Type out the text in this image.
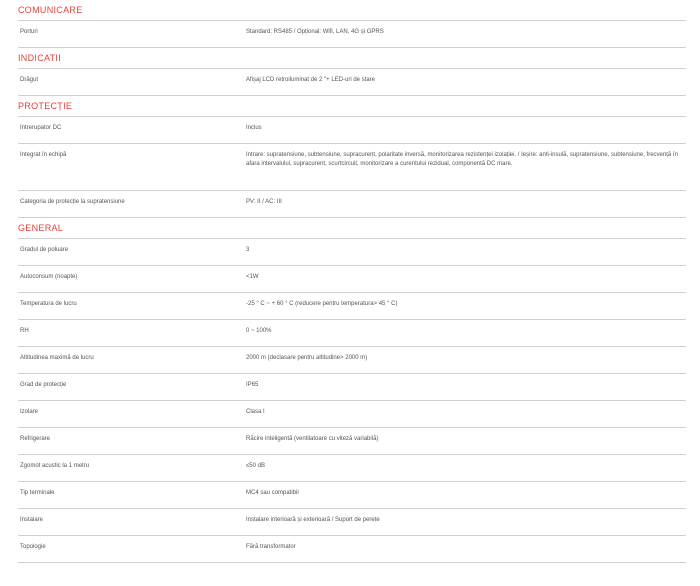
COMUNICARE
Porturi	Standard: RS485 / Opțional: Wifi, LAN, 4G și GPRS
INDICATII
Drăgut	Afișaj LCD retroiluminat de 2 "+ LED-uri de stare
PROTECȚIE
Intrerupator DC	Inclus
Integrat în echipă	Intrare: supratensiune, subtensiune, supracurent, polaritate inversă, monitorizarea rezistenței izolației. / Ieșire: anti-insulă, supratensiune, subtensiune, frecvență în afara intervalului, supracurent, scurtcircuit, monitorizare a curentului rezidual, componentă DC mare.
Categoria de protecție la supratensiune	PV: II / AC: III
GENERAL
Gradul de poluare	3
Autoconsum (noapte)	<1W
Temperatura de lucru	-25 ° C ~ + 60 ° C (reducere pentru temperatura> 45 ° C)
RH	0 ~ 100%
Altitudinea maximă de lucru	2000 m (declasare pentru altitudine> 2000 m)
Grad de protecție	IP65
Izolare	Clasa I
Refrigerare	Răcire inteligentă (ventilatoare cu viteză variabilă)
Zgomot acustic la 1 metru	≤50 dB
Tip terminale	MC4 sau compatibil
Instalare	Instalare interioară și exterioară / Suport de perete
Topologie	Fără transformator
